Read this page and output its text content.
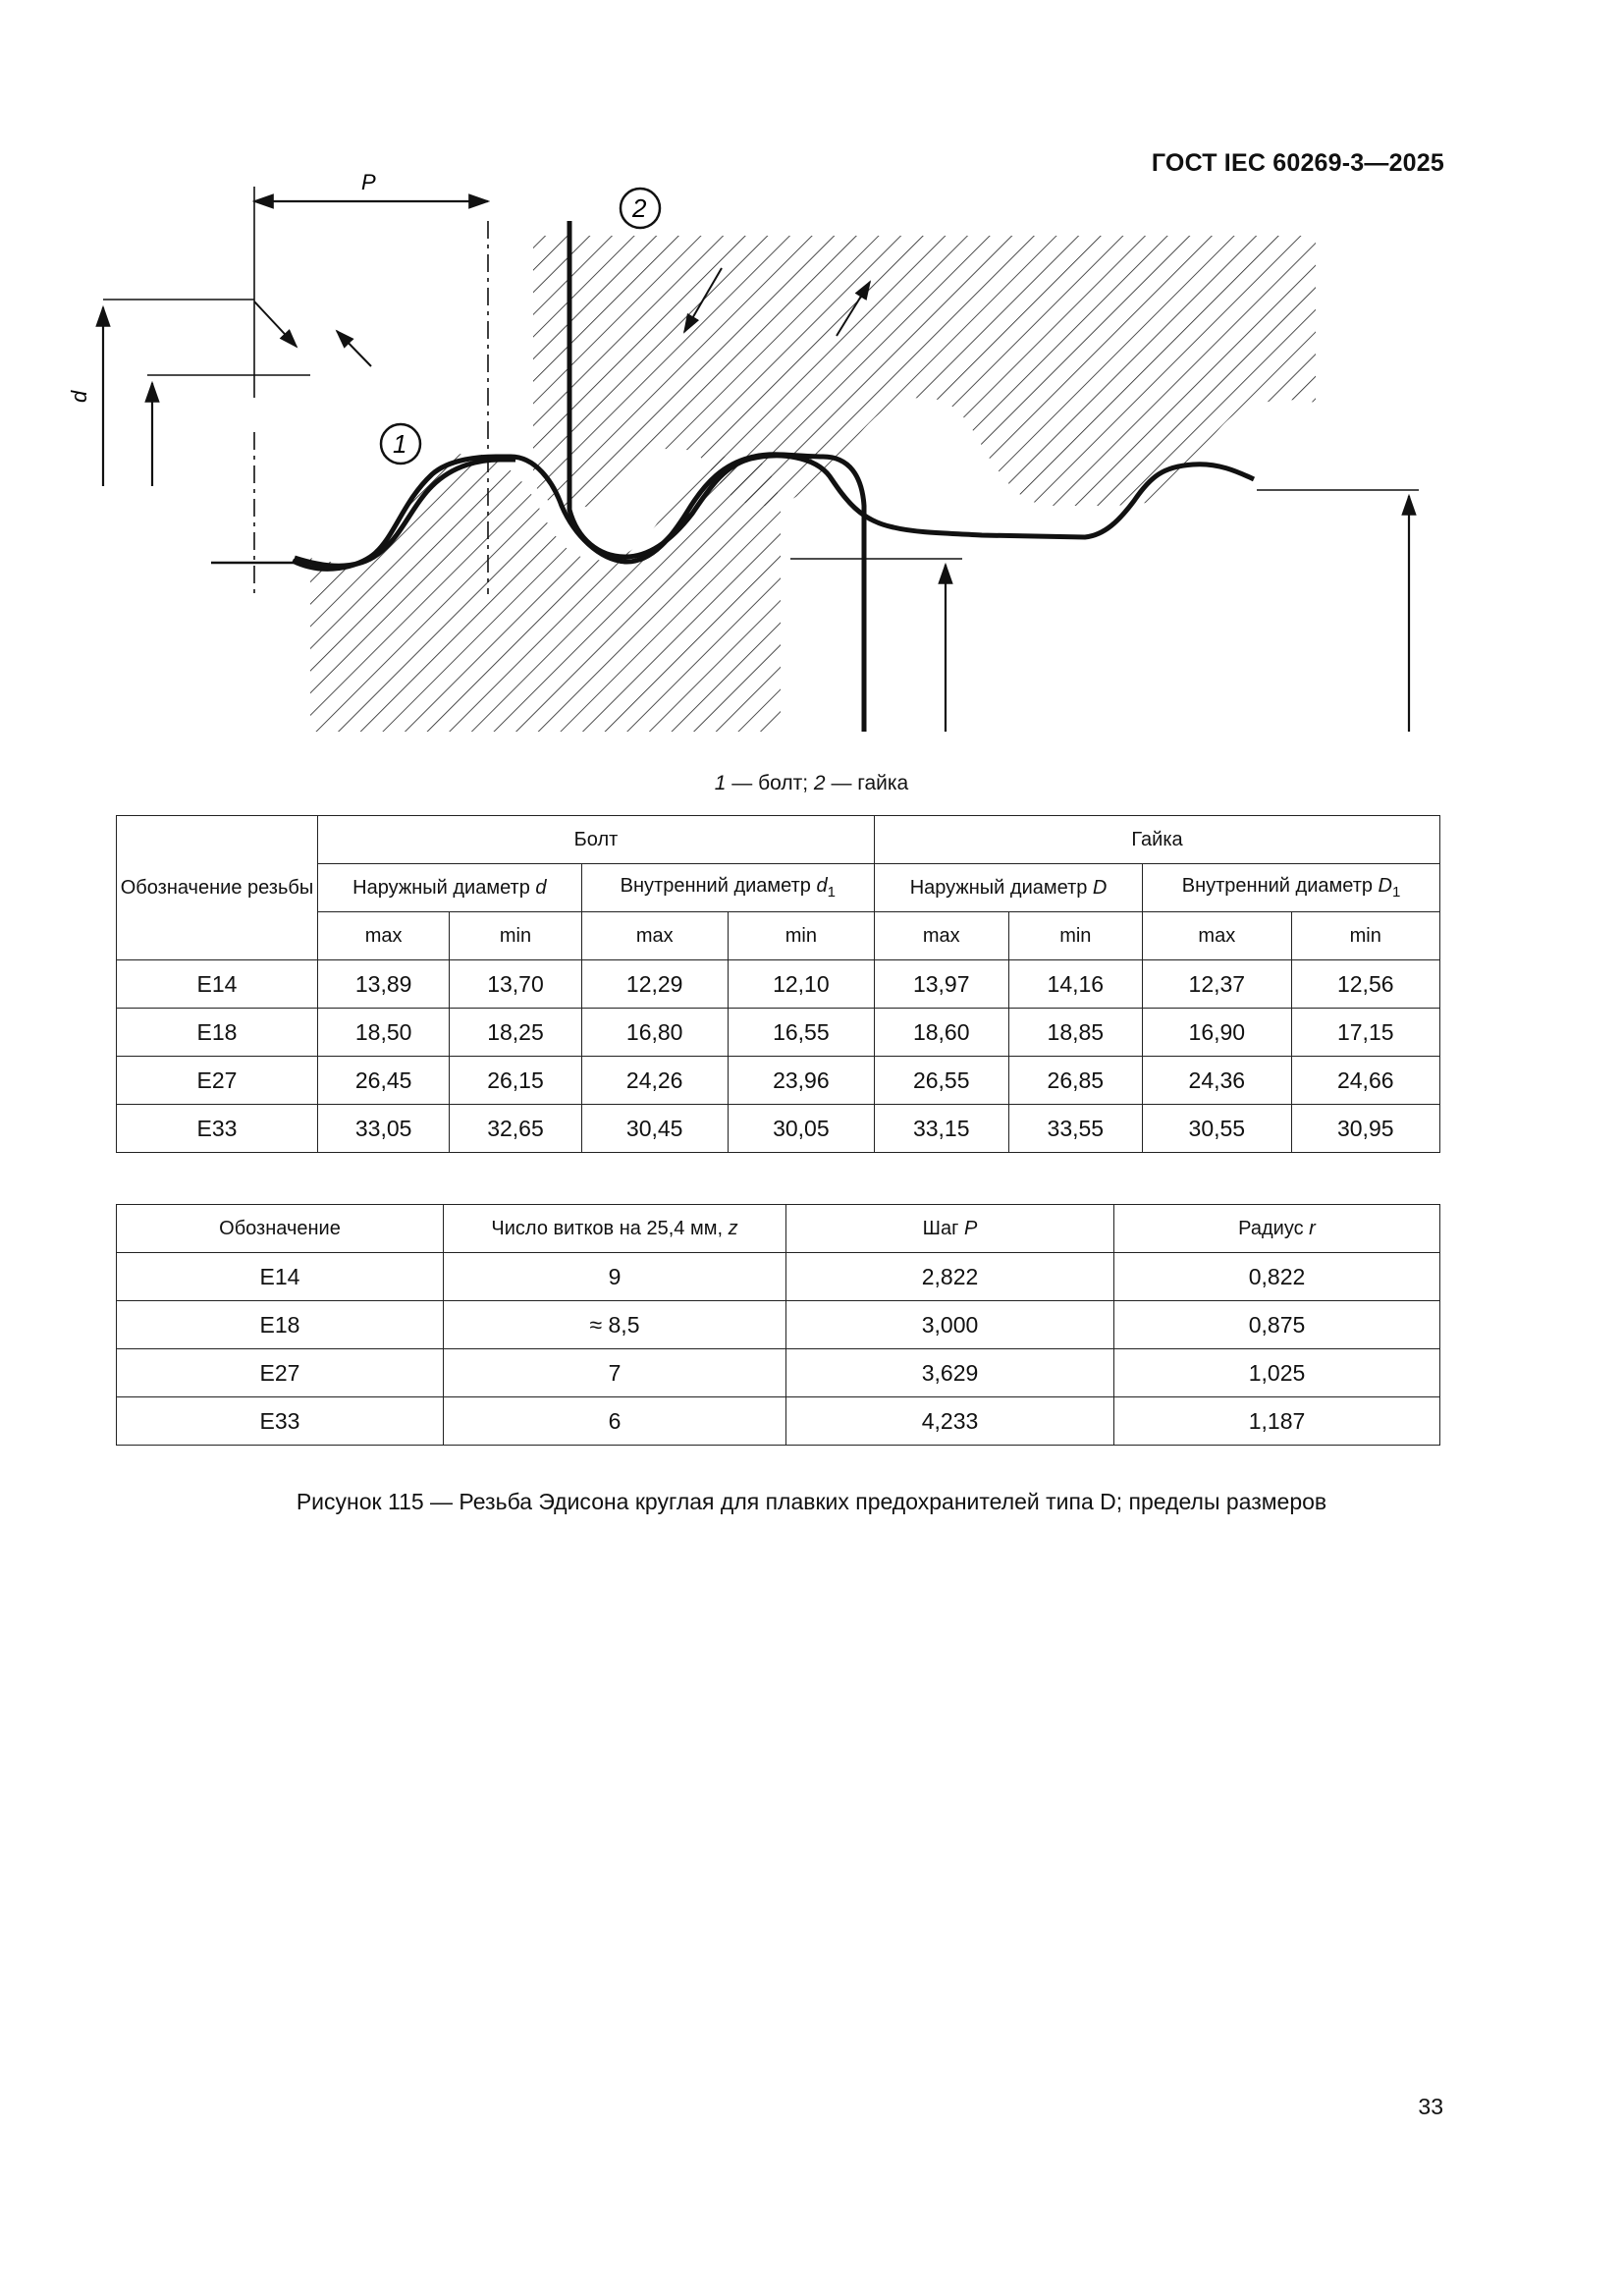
ГОСТ IEC 60269-3—2025
P
d
1
2
1 — болт; 2 — гайка
Обозначение резьбы	Болт				Гайка			
	Наружный диаметр d		Внутренний диаметр $d_1$		Наружный диаметр D		Внутренний диаметр $D_1$
	max	min	max	min	max	min	max	min
E14	13,89	13,70	12,29	12,10	13,97	14,16	12,37	12,56
E18	18,50	18,25	16,80	16,55	18,60	18,85	16,90	17,15
E27	26,45	26,15	24,26	23,96	26,55	26,85	24,36	24,66
E33	33,05	32,65	30,45	30,05	33,15	33,55	30,55	30,95
Обозначение	Число витков на 25,4 мм, z	Шаг P	Радиус r
E14	9	2,822	0,822
E18	≈ 8,5	3,000	0,875
E27	7	3,629	1,025
E33	6	4,233	1,187
Рисунок 115 — Резьба Эдисона круглая для плавких предохранителей типа D; пределы размеров
33
